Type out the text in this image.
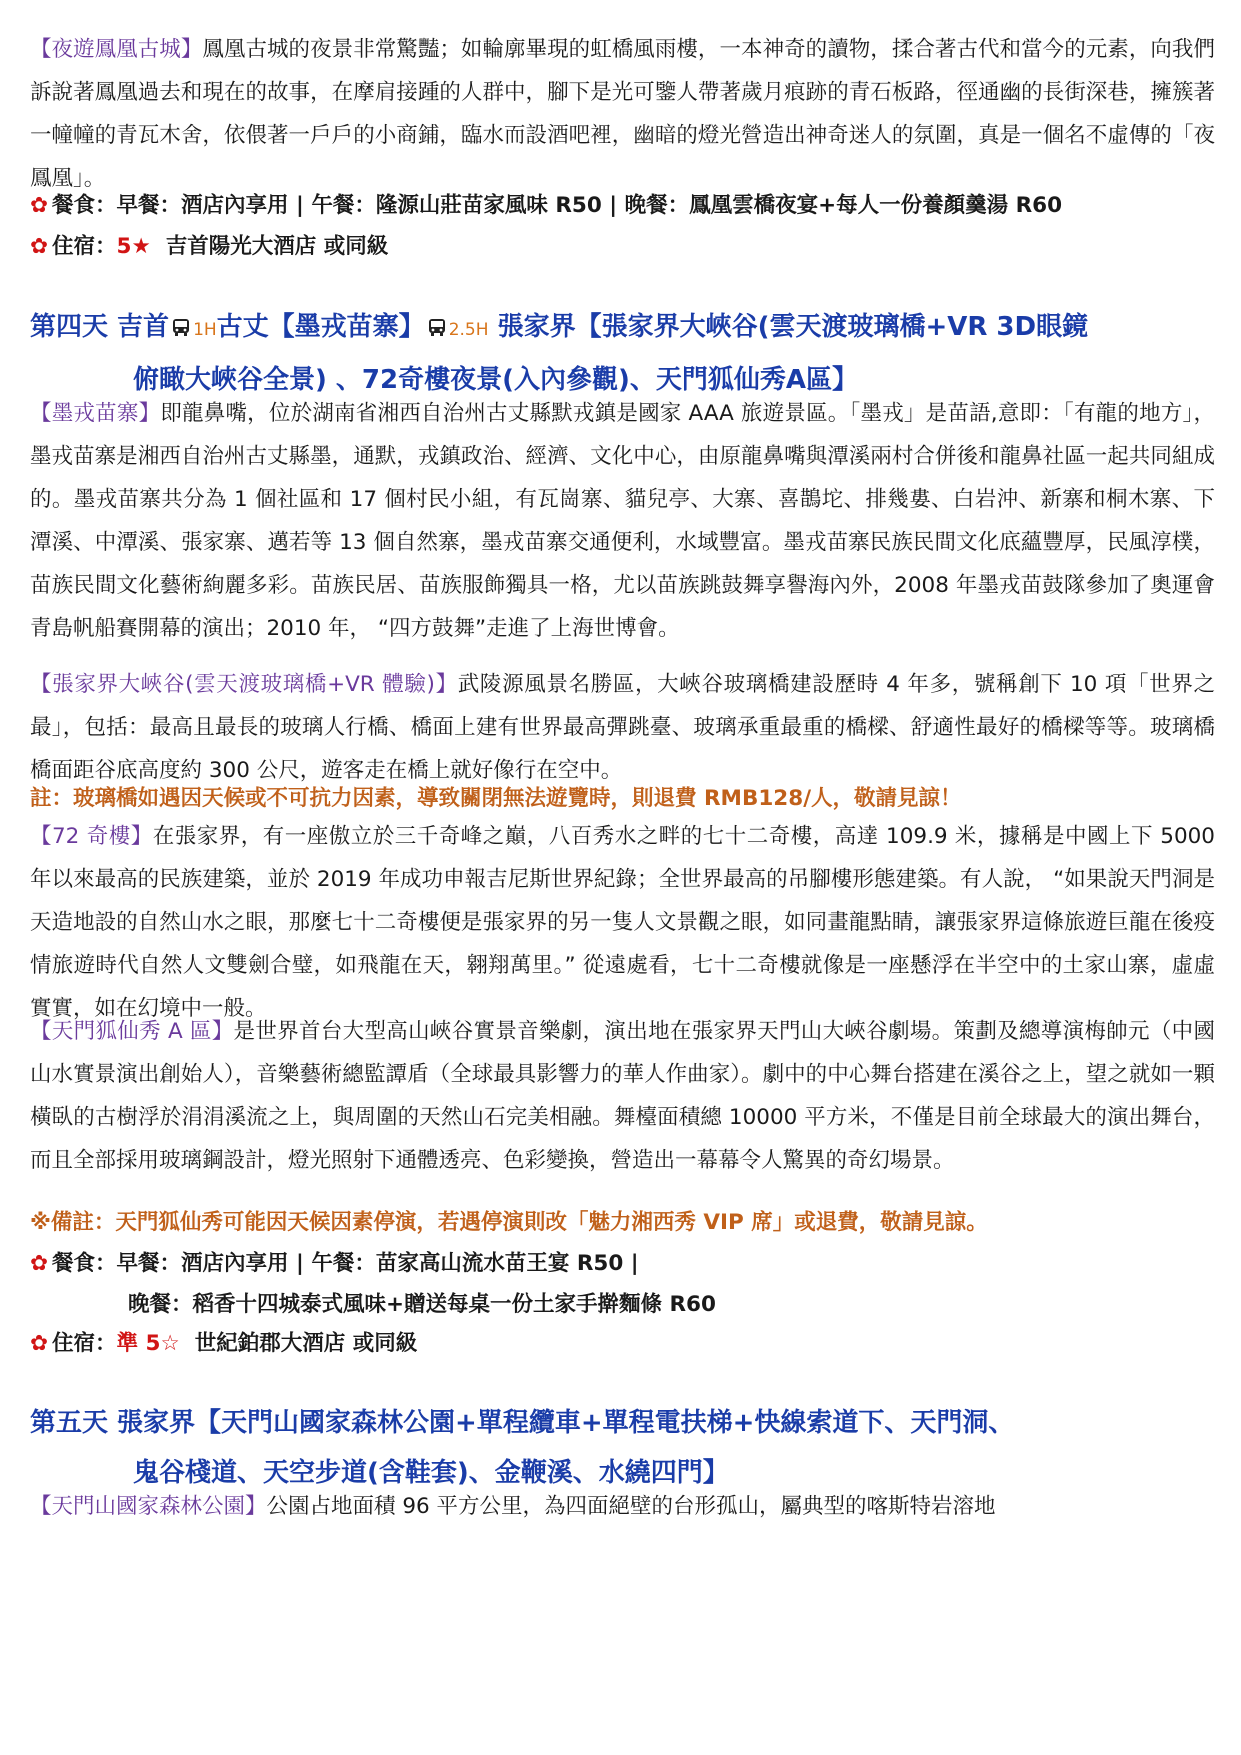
【夜遊鳳凰古城】鳳凰古城的夜景非常驚豔；如輪廓畢現的虹橋風雨樓，一本神奇的讀物，揉合著古代和當今的元素，向我們訴說著鳳凰過去和現在的故事，在摩肩接踵的人群中，腳下是光可鑒人帶著歲月痕跡的青石板路，徑通幽的長街深巷，擁簇著一幢幢的青瓦木舍，依偎著一戶戶的小商鋪，臨水而設酒吧裡，幽暗的燈光營造出神奇迷人的氛圍，真是一個名不虛傳的「夜鳳凰」。

✿ 餐食：早餐：酒店內享用 | 午餐：隆源山莊苗家風味 R50 | 晚餐：鳳凰雲橋夜宴+每人一份養顏羹湯 R60
✿ 住宿：5★ 吉首陽光大酒店 或同級
第四天 吉首 1H古丈【墨戎苗寨】 2.5H 張家界【張家界大峽谷(雲天渡玻璃橋+VR 3D眼鏡
俯瞰大峽谷全景) 、72奇樓夜景(入內參觀)、天門狐仙秀A區】

【墨戎苗寨】即龍鼻嘴，位於湖南省湘西自治州古丈縣默戎鎮是國家 AAA 旅遊景區。「墨戎」是苗語,意即：「有龍的地方」，墨戎苗寨是湘西自治州古丈縣墨，通默，戎鎮政治、經濟、文化中心，由原龍鼻嘴與潭溪兩村合併後和龍鼻社區一起共同組成的。墨戎苗寨共分為 1 個社區和 17 個村民小組，有瓦崗寨、貓兒亭、大寨、喜鵲坨、排幾婁、白岩沖、新寨和桐木寨、下潭溪、中潭溪、張家寨、邁若等 13 個自然寨，墨戎苗寨交通便利，水域豐富。墨戎苗寨民族民間文化底蘊豐厚，民風淳樸，苗族民間文化藝術絢麗多彩。苗族民居、苗族服飾獨具一格，尤以苗族跳鼓舞享譽海內外，2008 年墨戎苗鼓隊參加了奧運會青島帆船賽開幕的演出；2010 年， “四方鼓舞”走進了上海世博會。

【張家界大峽谷(雲天渡玻璃橋+VR 體驗)】武陵源風景名勝區，大峽谷玻璃橋建設歷時 4 年多，號稱創下 10 項「世界之最」，包括：最高且最長的玻璃人行橋、橋面上建有世界最高彈跳臺、玻璃承重最重的橋樑、舒適性最好的橋樑等等。玻璃橋橋面距谷底高度約 300 公尺，遊客走在橋上就好像行在空中。

註：玻璃橋如遇因天候或不可抗力因素，導致關閉無法遊覽時，則退費 RMB128/人，敬請見諒！

【72 奇樓】在張家界，有一座傲立於三千奇峰之巔，八百秀水之畔的七十二奇樓，高達 109.9 米，據稱是中國上下 5000 年以來最高的民族建築，並於 2019 年成功申報吉尼斯世界紀錄；全世界最高的吊腳樓形態建築。有人說， “如果說天門洞是天造地設的自然山水之眼，那麼七十二奇樓便是張家界的另一隻人文景觀之眼，如同畫龍點睛，讓張家界這條旅遊巨龍在後疫情旅遊時代自然人文雙劍合璧，如飛龍在天，翱翔萬里。” 從遠處看，七十二奇樓就像是一座懸浮在半空中的土家山寨，虛虛實實，如在幻境中一般。

【天門狐仙秀 A 區】是世界首台大型高山峽谷實景音樂劇，演出地在張家界天門山大峽谷劇場。策劃及總導演梅帥元（中國山水實景演出創始人），音樂藝術總監譚盾（全球最具影響力的華人作曲家）。劇中的中心舞台搭建在溪谷之上，望之就如一顆橫臥的古樹浮於涓涓溪流之上，與周圍的天然山石完美相融。舞檯面積總 10000 平方米，不僅是目前全球最大的演出舞台，而且全部採用玻璃鋼設計，燈光照射下通體透亮、色彩變換，營造出一幕幕令人驚異的奇幻場景。

※備註：天門狐仙秀可能因天候因素停演，若遇停演則改「魅力湘西秀 VIP 席」或退費，敬請見諒。
✿ 餐食：早餐：酒店內享用 | 午餐：苗家高山流水苗王宴 R50 |
晚餐：稻香十四城泰式風味+贈送每桌一份土家手擀麵條 R60
✿ 住宿：準 5☆ 世紀鉑郡大酒店 或同級
第五天 張家界【天門山國家森林公園+單程纜車+單程電扶梯+快線索道下、天門洞、
鬼谷棧道、天空步道(含鞋套)、金鞭溪、水繞四門】

【天門山國家森林公園】公園占地面積 96 平方公里，為四面絕壁的台形孤山，屬典型的喀斯特岩溶地
